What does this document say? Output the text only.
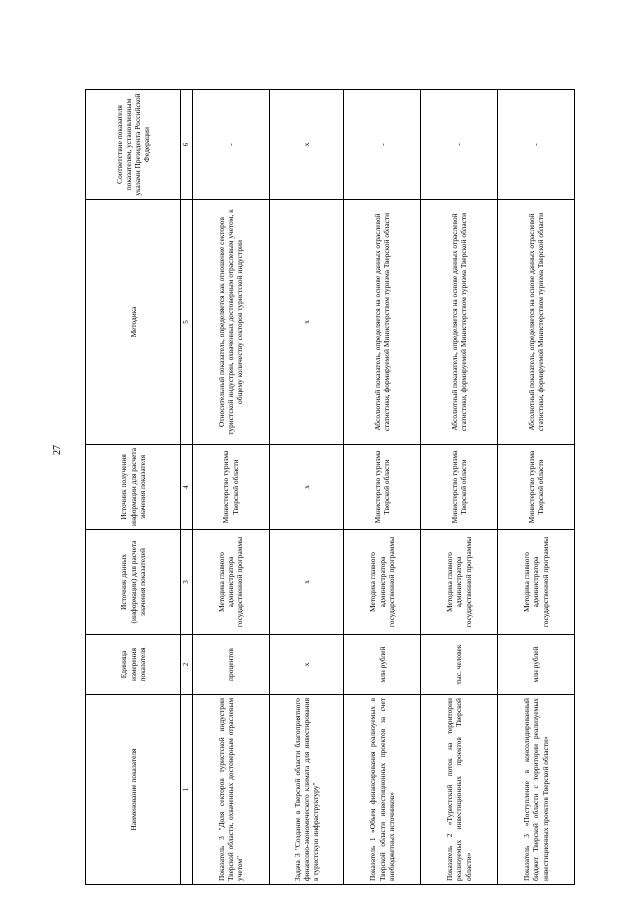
27
Наименование показателя	Единица измерения показателя	Источник данных (информации) для расчета значения показателей	Источник получения информации для расчета значения показателя	Методика	Соответствие показателя показателям, установленным указами Президента Российской Федерации
1	2	3	4	5	6
Показатель 3 "Доля секторов туристской индустрии Тверской области, охваченных достоверным отраслевым учетом"	процентов	Методика главного администратора государственной программы	Министерство туризма Тверской области	Относительный показатель, определяется как отношение секторов туристской индустрии, охваченных достоверным отраслевым учетом, к общему количеству секторов туристской индустрии	-
Задача 3 "Создание в Тверской области благоприятного финансово-экономического климата для инвестирования в туристскую инфраструктуру"	х	х	х	х	х
Показатель 1 «Объем финансирования реализуемых в Тверской области инвестиционных проектов за счет внебюджетных источников»	млн рублей	Методика главного администратора государственной программы	Министерство туризма Тверской области	Абсолютный показатель, определяется на основе данных отраслевой статистики, формируемой Министерством туризма Тверской области	-
Показатель 2 «Туристский поток на территории реализуемых инвестиционных проектов Тверской области»	тыс. человек	Методика главного администратора государственной программы	Министерство туризма Тверской области	Абсолютный показатель, определяется на основе данных отраслевой статистики, формируемой Министерством туризма Тверской области	-
Показатель 3 «Поступление в консолидированный бюджет Тверской области с территории реализуемых инвестиционных проектов Тверской области»	млн рублей	Методика главного администратора государственной программы	Министерство туризма Тверской области	Абсолютный показатель, определяется на основе данных отраслевой статистики, формируемой Министерством туризма Тверской области	-
